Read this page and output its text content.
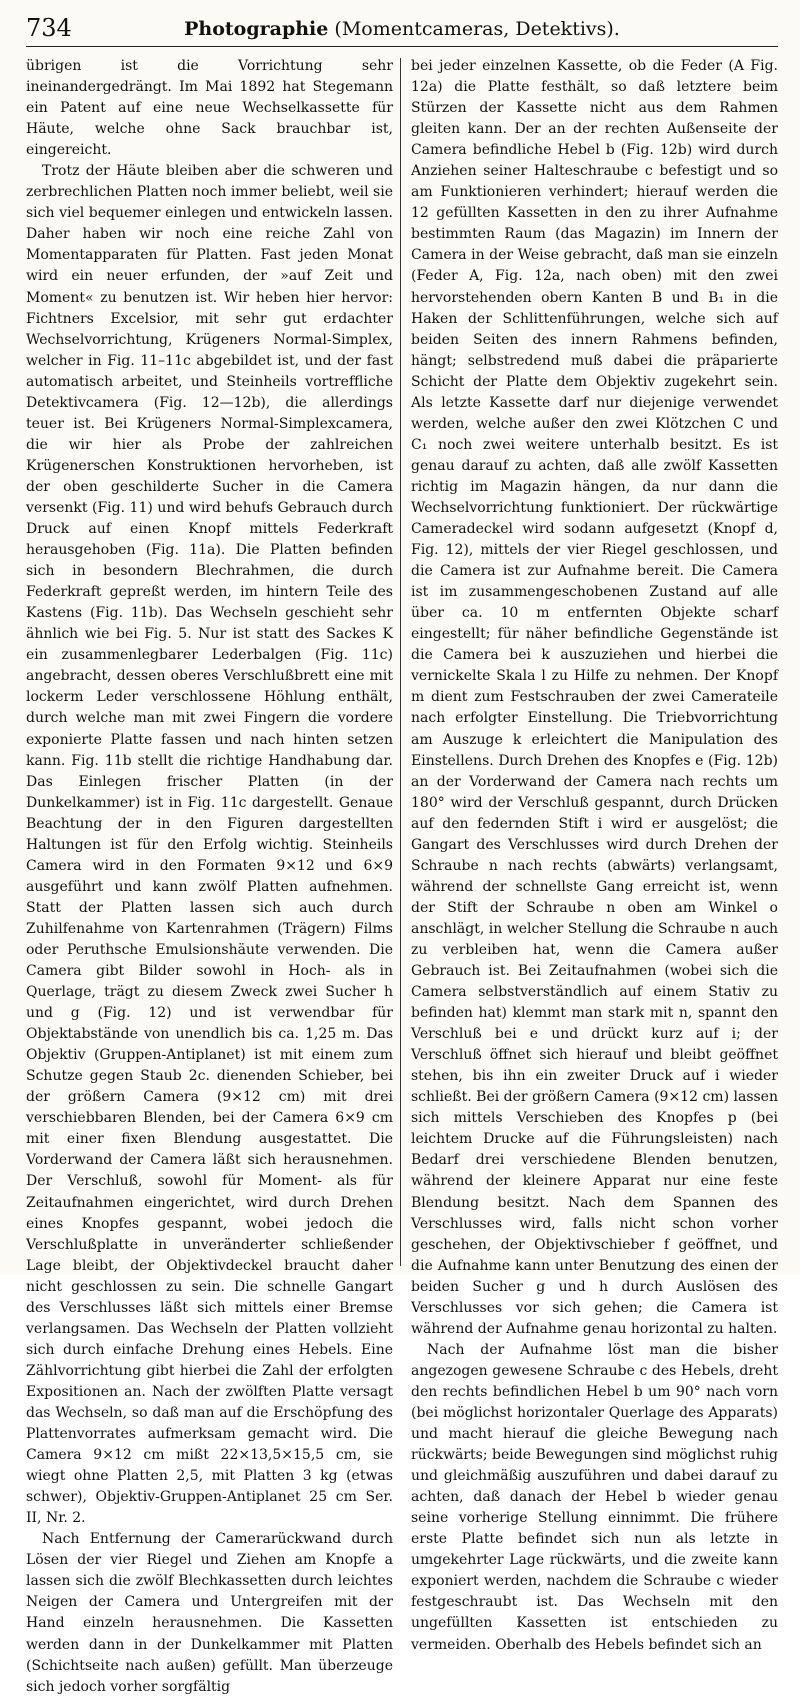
734	Photographie (Momentcameras, Detektivs).

übrigen ist die Vorrichtung sehr ineinandergedrängt. Im Mai 1892 hat Stegemann ein Patent auf eine neue Wechselkassette für Häute, welche ohne Sack brauchbar ist, eingereicht.

Trotz der Häute bleiben aber die schweren und zerbrechlichen Platten noch immer beliebt, weil sie sich viel bequemer einlegen und entwickeln lassen. Daher haben wir noch eine reiche Zahl von Momentapparaten für Platten. Fast jeden Monat wird ein neuer erfunden, der »auf Zeit und Moment« zu benutzen ist. Wir heben hier hervor: Fichtners Excelsior, mit sehr gut erdachter Wechselvorrichtung, Krügeners Normal-Simplex, welcher in Fig. 11–11c abgebildet ist, und der fast automatisch arbeitet, und Steinheils vortreffliche Detektivcamera (Fig. 12—12b), die allerdings teuer ist. Bei Krügeners Normal-Simplexcamera, die wir hier als Probe der zahlreichen Krügenerschen Konstruktionen hervorheben, ist der oben geschilderte Sucher in die Camera versenkt (Fig. 11) und wird behufs Gebrauch durch Druck auf einen Knopf mittels Federkraft herausgehoben (Fig. 11a). Die Platten befinden sich in besondern Blechrahmen, die durch Federkraft gepreßt werden, im hintern Teile des Kastens (Fig. 11b). Das Wechseln geschieht sehr ähnlich wie bei Fig. 5. Nur ist statt des Sackes K ein zusammenlegbarer Lederbalgen (Fig. 11c) angebracht, dessen oberes Verschlußbrett eine mit lockerm Leder verschlossene Höhlung enthält, durch welche man mit zwei Fingern die vordere exponierte Platte fassen und nach hinten setzen kann. Fig. 11b stellt die richtige Handhabung dar. Das Einlegen frischer Platten (in der Dunkelkammer) ist in Fig. 11c dargestellt. Genaue Beachtung der in den Figuren dargestellten Haltungen ist für den Erfolg wichtig. Steinheils Camera wird in den Formaten 9×12 und 6×9 ausgeführt und kann zwölf Platten aufnehmen. Statt der Platten lassen sich auch durch Zuhilfenahme von Kartenrahmen (Trägern) Films oder Peruthsche Emulsionshäute verwenden. Die Camera gibt Bilder sowohl in Hoch- als in Querlage, trägt zu diesem Zweck zwei Sucher h und g (Fig. 12) und ist verwendbar für Objektabstände von unendlich bis ca. 1,25 m. Das Objektiv (Gruppen-Antiplanet) ist mit einem zum Schutze gegen Staub 2c. dienenden Schieber, bei der größern Camera (9×12 cm) mit drei verschiebbaren Blenden, bei der Camera 6×9 cm mit einer fixen Blendung ausgestattet. Die Vorderwand der Camera läßt sich herausnehmen. Der Verschluß, sowohl für Moment- als für Zeitaufnahmen eingerichtet, wird durch Drehen eines Knopfes gespannt, wobei jedoch die Verschlußplatte in unveränderter schließender Lage bleibt, der Objektivdeckel braucht daher nicht geschlossen zu sein. Die schnelle Gangart des Verschlusses läßt sich mittels einer Bremse verlangsamen. Das Wechseln der Platten vollzieht sich durch einfache Drehung eines Hebels. Eine Zählvorrichtung gibt hierbei die Zahl der erfolgten Expositionen an. Nach der zwölften Platte versagt das Wechseln, so daß man auf die Erschöpfung des Plattenvorrates aufmerksam gemacht wird. Die Camera 9×12 cm mißt 22×13,5×15,5 cm, sie wiegt ohne Platten 2,5, mit Platten 3 kg (etwas schwer), Objektiv-Gruppen-Antiplanet 25 cm Ser. II, Nr. 2.

Nach Entfernung der Camerarückwand durch Lösen der vier Riegel und Ziehen am Knopfe a lassen sich die zwölf Blechkassetten durch leichtes Neigen der Camera und Untergreifen mit der Hand einzeln herausnehmen. Die Kassetten werden dann in der Dunkelkammer mit Platten (Schichtseite nach außen) gefüllt. Man überzeuge sich jedoch vorher sorgfältig

bei jeder einzelnen Kassette, ob die Feder (A Fig. 12a) die Platte festhält, so daß letztere beim Stürzen der Kassette nicht aus dem Rahmen gleiten kann. Der an der rechten Außenseite der Camera befindliche Hebel b (Fig. 12b) wird durch Anziehen seiner Halteschraube c befestigt und so am Funktionieren verhindert; hierauf werden die 12 gefüllten Kassetten in den zu ihrer Aufnahme bestimmten Raum (das Magazin) im Innern der Camera in der Weise gebracht, daß man sie einzeln (Feder A, Fig. 12a, nach oben) mit den zwei hervorstehenden obern Kanten B und B₁ in die Haken der Schlittenführungen, welche sich auf beiden Seiten des innern Rahmens befinden, hängt; selbstredend muß dabei die präparierte Schicht der Platte dem Objektiv zugekehrt sein. Als letzte Kassette darf nur diejenige verwendet werden, welche außer den zwei Klötzchen C und C₁ noch zwei weitere unterhalb besitzt. Es ist genau darauf zu achten, daß alle zwölf Kassetten richtig im Magazin hängen, da nur dann die Wechselvorrichtung funktioniert. Der rückwärtige Cameradeckel wird sodann aufgesetzt (Knopf d, Fig. 12), mittels der vier Riegel geschlossen, und die Camera ist zur Aufnahme bereit. Die Camera ist im zusammengeschobenen Zustand auf alle über ca. 10 m entfernten Objekte scharf eingestellt; für näher befindliche Gegenstände ist die Camera bei k auszuziehen und hierbei die vernickelte Skala l zu Hilfe zu nehmen. Der Knopf m dient zum Festschrauben der zwei Camerateile nach erfolgter Einstellung. Die Triebvorrichtung am Auszuge k erleichtert die Manipulation des Einstellens. Durch Drehen des Knopfes e (Fig. 12b) an der Vorderwand der Camera nach rechts um 180° wird der Verschluß gespannt, durch Drücken auf den federnden Stift i wird er ausgelöst; die Gangart des Verschlusses wird durch Drehen der Schraube n nach rechts (abwärts) verlangsamt, während der schnellste Gang erreicht ist, wenn der Stift der Schraube n oben am Winkel o anschlägt, in welcher Stellung die Schraube n auch zu verbleiben hat, wenn die Camera außer Gebrauch ist. Bei Zeitaufnahmen (wobei sich die Camera selbstverständlich auf einem Stativ zu befinden hat) klemmt man stark mit n, spannt den Verschluß bei e und drückt kurz auf i; der Verschluß öffnet sich hierauf und bleibt geöffnet stehen, bis ihn ein zweiter Druck auf i wieder schließt. Bei der größern Camera (9×12 cm) lassen sich mittels Verschieben des Knopfes p (bei leichtem Drucke auf die Führungsleisten) nach Bedarf drei verschiedene Blenden benutzen, während der kleinere Apparat nur eine feste Blendung besitzt. Nach dem Spannen des Verschlusses wird, falls nicht schon vorher geschehen, der Objektivschieber f geöffnet, und die Aufnahme kann unter Benutzung des einen der beiden Sucher g und h durch Auslösen des Verschlusses vor sich gehen; die Camera ist während der Aufnahme genau horizontal zu halten.

Nach der Aufnahme löst man die bisher angezogen gewesene Schraube c des Hebels, dreht den rechts befindlichen Hebel b um 90° nach vorn (bei möglichst horizontaler Querlage des Apparats) und macht hierauf die gleiche Bewegung nach rückwärts; beide Bewegungen sind möglichst ruhig und gleichmäßig auszuführen und dabei darauf zu achten, daß danach der Hebel b wieder genau seine vorherige Stellung einnimmt. Die frühere erste Platte befindet sich nun als letzte in umgekehrter Lage rückwärts, und die zweite kann exponiert werden, nachdem die Schraube c wieder festgeschraubt ist. Das Wechseln mit den ungefüllten Kassetten ist entschieden zu vermeiden. Oberhalb des Hebels befindet sich an
